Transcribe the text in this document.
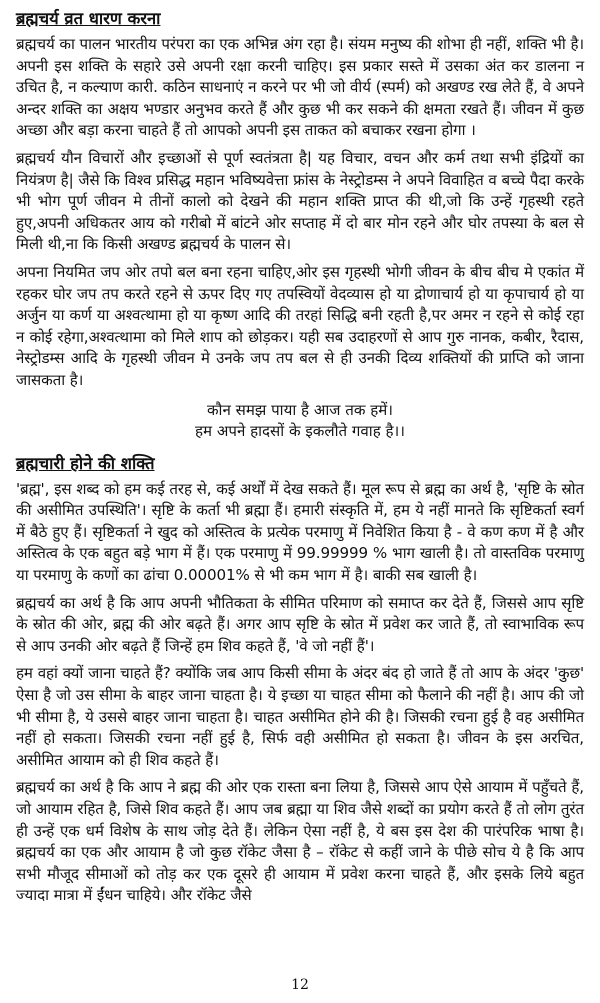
ब्रह्मचर्य व्रत धारण करना

ब्रह्मचर्य का पालन भारतीय परंपरा का एक अभिन्न अंग रहा है। संयम मनुष्य की शोभा ही नहीं, शक्ति भी है। अपनी इस शक्ति के सहारे उसे अपनी रक्षा करनी चाहिए। इस प्रकार सस्ते में उसका अंत कर डालना न उचित है, न कल्याण कारी. कठिन साधनाएं न करने पर भी जो वीर्य (स्पर्म) को अखण्ड रख लेते हैं, वे अपने अन्दर शक्ति का अक्षय भण्डार अनुभव करते हैं और कुछ भी कर सकने की क्षमता रखते हैं। जीवन में कुछ अच्छा और बड़ा करना चाहते हैं तो आपको अपनी इस ताकत को बचाकर रखना होगा ।

ब्रह्मचर्य यौन विचारों और इच्छाओं से पूर्ण स्वतंत्रता है| यह विचार, वचन और कर्म तथा सभी इंद्रियों का नियंत्रण है| जैसे कि विश्व प्रसिद्ध महान भविष्यवेत्ता फ्रांस के नेस्ट्रोडम्स ने अपने विवाहित व बच्चे पैदा करके भी भोग पूर्ण जीवन मे तीनों कालो को देखने की महान शक्ति प्राप्त की थी,जो कि उन्हें गृहस्थी रहते हुए,अपनी अधिकतर आय को गरीबो में बांटने ओर सप्ताह में दो बार मोन रहने और घोर तपस्या के बल से मिली थी,ना कि किसी अखण्ड ब्रह्मचर्य के पालन से।

अपना नियमित जप ओर तपो बल बना रहना चाहिए,ओर इस गृहस्थी भोगी जीवन के बीच बीच मे एकांत में रहकर घोर जप तप करते रहने से ऊपर दिए गए तपस्वियों वेदव्यास हो या द्रोणाचार्य हो या कृपाचार्य हो या अर्जुन या कर्ण या अश्वत्थामा हो या कृष्ण आदि की तरहां सिद्धि बनी रहती है,पर अमर न रहने से कोई रहा न कोई रहेगा,अश्वत्थामा को मिले शाप को छोड़कर। यही सब उदाहरणों से आप गुरु नानक, कबीर, रैदास, नेस्ट्रोडम्स आदि के गृहस्थी जीवन मे उनके जप तप बल से ही उनकी दिव्य शक्तियों की प्राप्ति को जाना जासकता है।

कौन समझ पाया है आज तक हमें।
हम अपने हादसों के इकलौते गवाह है।।
ब्रह्मचारी होने की शक्ति

'ब्रह्म', इस शब्द को हम कई तरह से, कई अर्थों में देख सकते हैं। मूल रूप से ब्रह्म का अर्थ है, 'सृष्टि के स्रोत की असीमित उपस्थिति'। सृष्टि के कर्ता भी ब्रह्मा हैं। हमारी संस्कृति में, हम ये नहीं मानते कि सृष्टिकर्ता स्वर्ग में बैठे हुए हैं। सृष्टिकर्ता ने खुद को अस्तित्व के प्रत्येक परमाणु में निवेशित किया है - वे कण कण में है और अस्तित्व के एक बहुत बड़े भाग में हैं। एक परमाणु में 99.99999 % भाग खाली है। तो वास्तविक परमाणु या परमाणु के कणों का ढांचा 0.00001% से भी कम भाग में है। बाकी सब खाली है।

ब्रह्मचर्य का अर्थ है कि आप अपनी भौतिकता के सीमित परिमाण को समाप्त कर देते हैं, जिससे आप सृष्टि के स्रोत की ओर, ब्रह्म की ओर बढ़ते हैं। अगर आप सृष्टि के स्रोत में प्रवेश कर जाते हैं, तो स्वाभाविक रूप से आप उनकी ओर बढ़ते हैं जिन्हें हम शिव कहते हैं, 'वे जो नहीं हैं'।

हम वहां क्यों जाना चाहते हैं? क्योंकि जब आप किसी सीमा के अंदर बंद हो जाते हैं तो आप के अंदर 'कुछ' ऐसा है जो उस सीमा के बाहर जाना चाहता है। ये इच्छा या चाहत सीमा को फैलाने की नहीं है। आप की जो भी सीमा है, ये उससे बाहर जाना चाहता है। चाहत असीमित होने की है। जिसकी रचना हुई है वह असीमित नहीं हो सकता। जिसकी रचना नहीं हुई है, सिर्फ वही असीमित हो सकता है। जीवन के इस अरचित, असीमित आयाम को ही शिव कहते हैं।

ब्रह्मचर्य का अर्थ है कि आप ने ब्रह्म की ओर एक रास्ता बना लिया है, जिससे आप ऐसे आयाम में पहुँचते हैं, जो आयाम रहित है, जिसे शिव कहते हैं। आप जब ब्रह्मा या शिव जैसे शब्दों का प्रयोग करते हैं तो लोग तुरंत ही उन्हें एक धर्म विशेष के साथ जोड़ देते हैं। लेकिन ऐसा नहीं है, ये बस इस देश की पारंपरिक भाषा है। ब्रह्मचर्य का एक और आयाम है जो कुछ रॉकेट जैसा है – रॉकेट से कहीं जाने के पीछे सोच ये है कि आप सभी मौजूद सीमाओं को तोड़ कर एक दूसरे ही आयाम में प्रवेश करना चाहते हैं, और इसके लिये बहुत ज्यादा मात्रा में ईंधन चाहिये। और रॉकेट जैसे

12
